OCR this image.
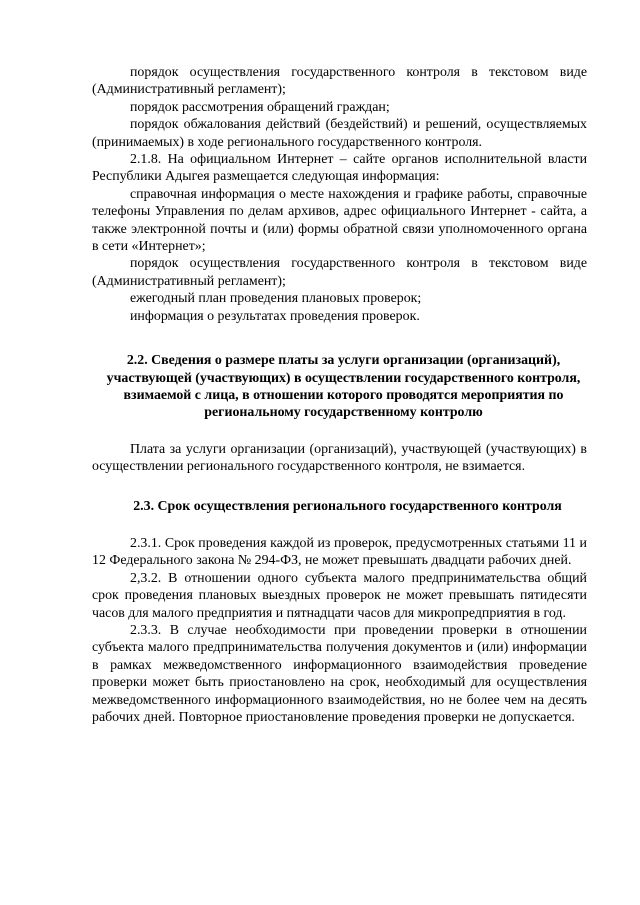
порядок осуществления государственного контроля в текстовом виде (Административный регламент);

порядок рассмотрения обращений граждан;

порядок обжалования действий (бездействий) и решений, осуществляемых (принимаемых) в ходе регионального государственного контроля.

2.1.8. На официальном Интернет – сайте органов исполнительной власти Республики Адыгея размещается следующая информация:

справочная информация о месте нахождения и графике работы, справочные телефоны Управления по делам архивов, адрес официального Интернет - сайта, а также электронной почты и (или) формы обратной связи уполномоченного органа в сети «Интернет»;

порядок осуществления государственного контроля в текстовом виде (Административный регламент);

ежегодный план проведения плановых проверок;

информация о результатах проведения проверок.

2.2. Сведения о размере платы за услуги организации (организаций), участвующей (участвующих) в осуществлении государственного контроля, взимаемой с лица, в отношении которого проводятся мероприятия по региональному государственному контролю

Плата за услуги организации (организаций), участвующей (участвующих) в осуществлении регионального государственного контроля, не взимается.

2.3. Срок осуществления регионального государственного контроля

2.3.1. Срок проведения каждой из проверок, предусмотренных статьями 11 и 12 Федерального закона № 294-ФЗ, не может превышать двадцати рабочих дней.

2,3.2. В отношении одного субъекта малого предпринимательства общий срок проведения плановых выездных проверок не может превышать пятидесяти часов для малого предприятия и пятнадцати часов для микропредприятия в год.

2.3.3. В случае необходимости при проведении проверки в отношении субъекта малого предпринимательства получения документов и (или) информации в рамках межведомственного информационного взаимодействия проведение проверки может быть приостановлено на срок, необходимый для осуществления межведомственного информационного взаимодействия, но не более чем на десять рабочих дней. Повторное приостановление проведения проверки не допускается.
